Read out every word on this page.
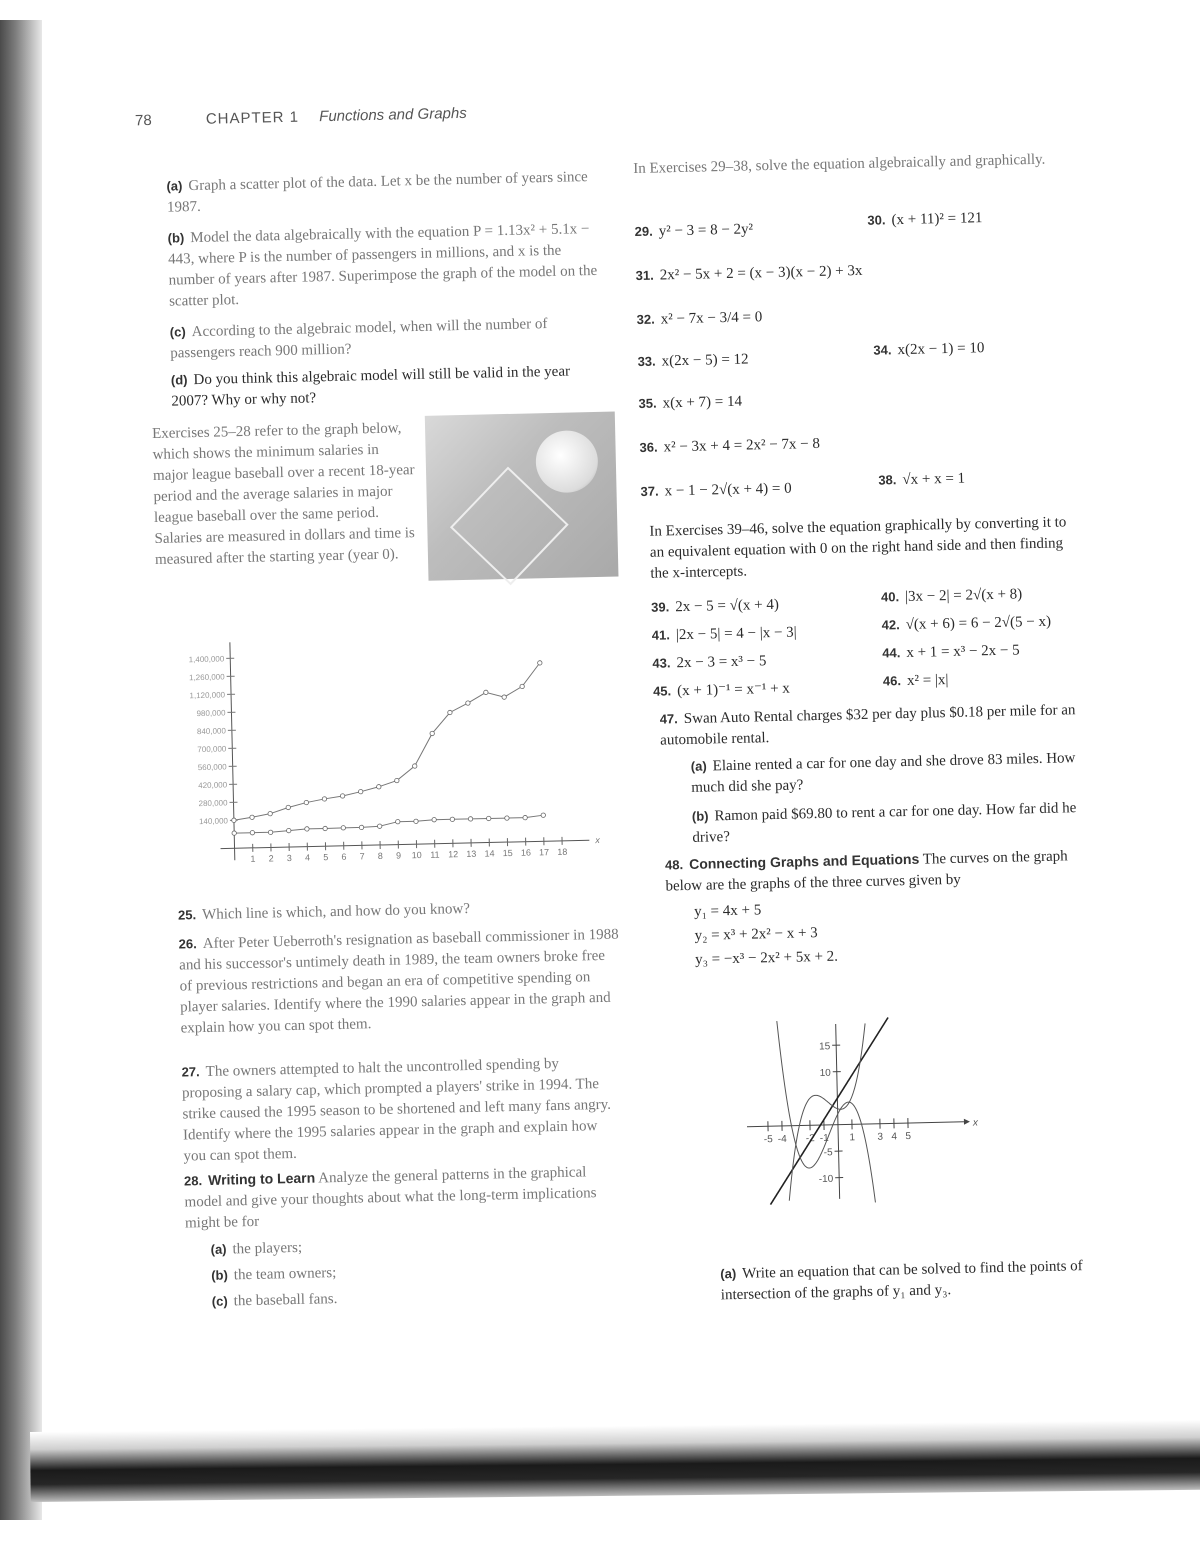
78	CHAPTER 1 Functions and Graphs
(a) Graph a scatter plot of the data. Let x be the number of years since 1987.
(b) Model the data algebraically with the equation P = 1.13x² + 5.1x − 443, where P is the number of passengers in millions, and x is the number of years after 1987. Superimpose the graph of the model on the scatter plot.
(c) According to the algebraic model, when will the number of passengers reach 900 million?
(d) Do you think this algebraic model will still be valid in the year 2007? Why or why not?
Exercises 25–28 refer to the graph below, which shows the minimum salaries in major league baseball over a recent 18-year period and the average salaries in major league baseball over the same period. Salaries are measured in dollars and time is measured after the starting year (year 0).
1,400,000
1,260,000
1,120,000
980,000
840,000
700,000
560,000
420,000
280,000
140,000
1 2 3 4 5 6 7 8 9 10 11 12 13 14 15 16 17 18
x
25. Which line is which, and how do you know?
26. After Peter Ueberroth's resignation as baseball commissioner in 1988 and his successor's untimely death in 1989, the team owners broke free of previous restrictions and began an era of competitive spending on player salaries. Identify where the 1990 salaries appear in the graph and explain how you can spot them.
27. The owners attempted to halt the uncontrolled spending by proposing a salary cap, which prompted a players' strike in 1994. The strike caused the 1995 season to be shortened and left many fans angry. Identify where the 1995 salaries appear in the graph and explain how you can spot them.
28. Writing to Learn Analyze the general patterns in the graphical model and give your thoughts about what the long-term implications might be for
(a) the players;
(b) the team owners;
(c) the baseball fans.
In Exercises 29–38, solve the equation algebraically and graphically.
29. y² − 3 = 8 − 2y²
30. (x + 11)² = 121
31. 2x² − 5x + 2 = (x − 3)(x − 2) + 3x
32. x² − 7x − 3/4 = 0
33. x(2x − 5) = 12
34. x(2x − 1) = 10
35. x(x + 7) = 14
36. x² − 3x + 4 = 2x² − 7x − 8
37. x − 1 − 2√(x + 4) = 0
38. √x + x = 1
In Exercises 39–46, solve the equation graphically by converting it to an equivalent equation with 0 on the right hand side and then finding the x-intercepts.
39. 2x − 5 = √(x + 4)
40. |3x − 2| = 2√(x + 8)
41. |2x − 5| = 4 − |x − 3|	42. √(x + 6) = 6 − 2√(5 − x)
43. 2x − 3 = x³ − 5
44. x + 1 = x³ − 2x − 5
45. (x + 1)⁻¹ = x⁻¹ + x	46. x² = |x|
47. Swan Auto Rental charges $32 per day plus $0.18 per mile for an automobile rental.
(a) Elaine rented a car for one day and she drove 83 miles. How much did she pay?
(b) Ramon paid $69.80 to rent a car for one day. How far did he drive?
48. Connecting Graphs and Equations The curves on the graph below are the graphs of the three curves given by
y₁ = 4x + 5
y₂ = x³ + 2x² − x + 3
y₃ = −x³ − 2x² + 5x + 2.
x
-5 -4 -2 -1 1 3 4 5
15
10
-5
-10
(a) Write an equation that can be solved to find the points of intersection of the graphs of y₁ and y₃.
